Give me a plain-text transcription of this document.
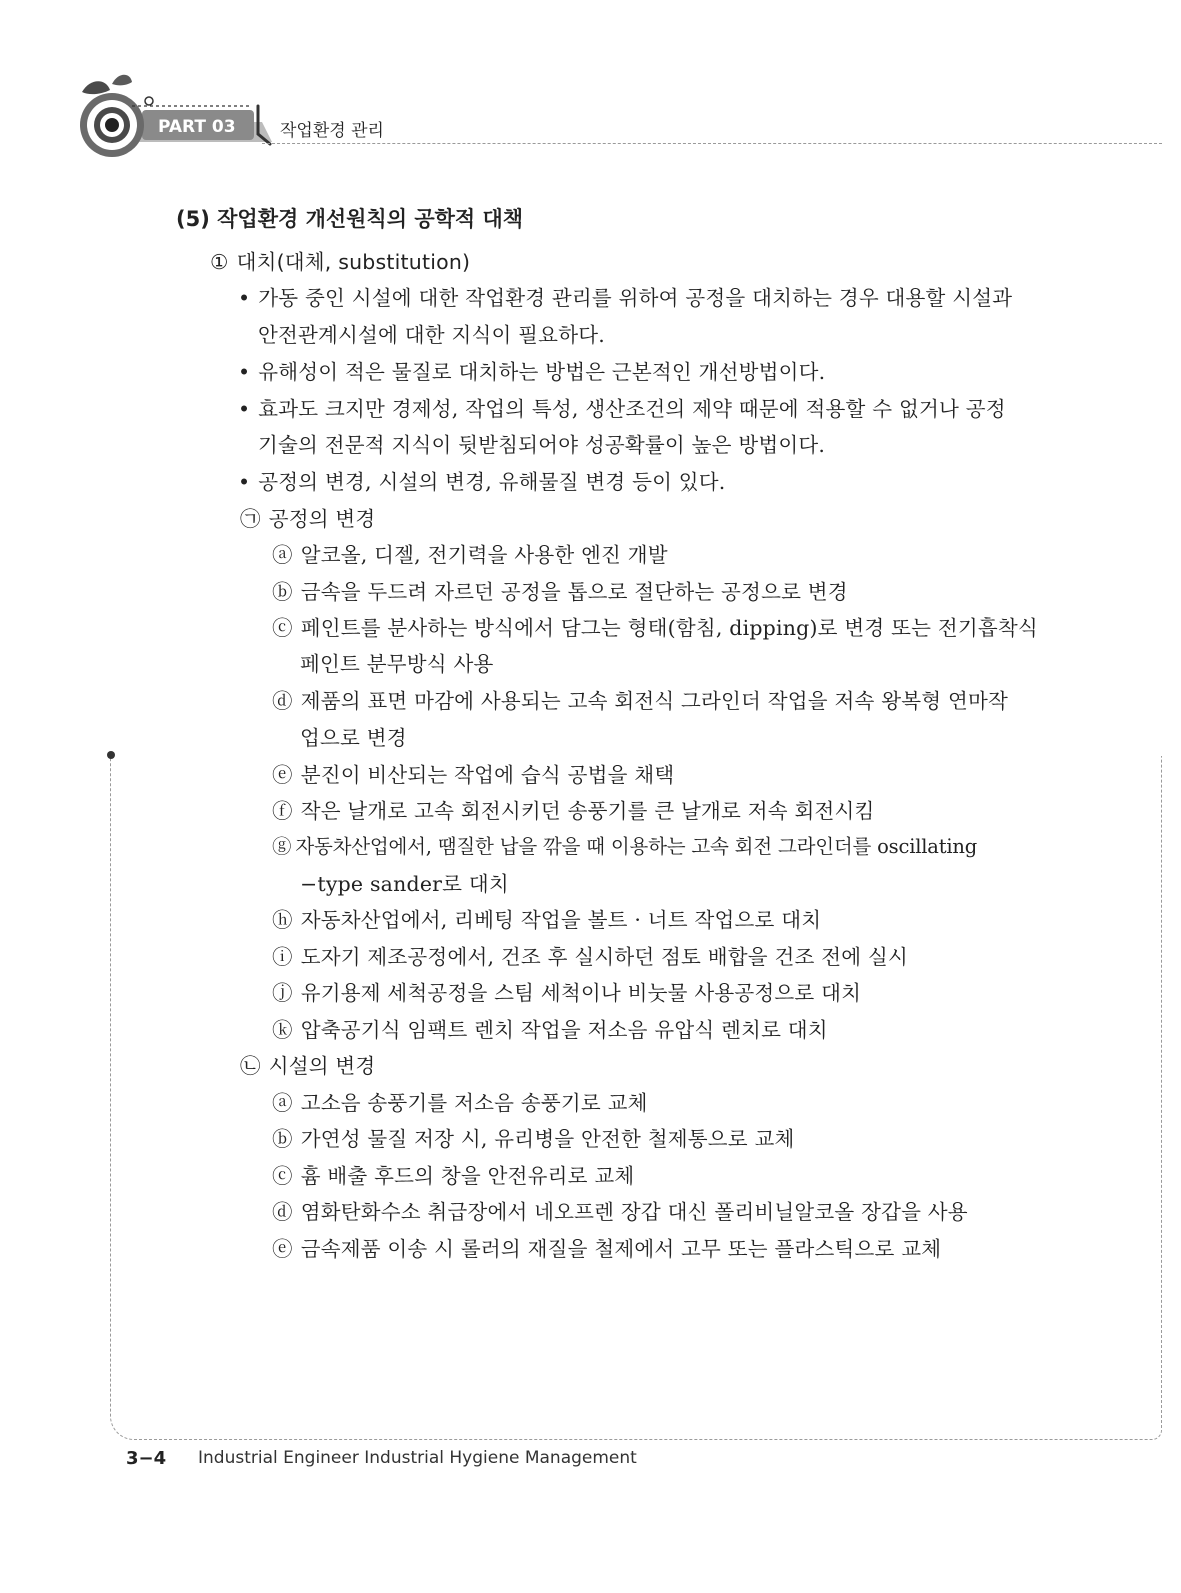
PART 03	작업환경 관리
(5) 작업환경 개선원칙의 공학적 대책
① 대치(대체, substitution)
• 가동 중인 시설에 대한 작업환경 관리를 위하여 공정을 대치하는 경우 대용할 시설과
안전관계시설에 대한 지식이 필요하다.
• 유해성이 적은 물질로 대치하는 방법은 근본적인 개선방법이다.
• 효과도 크지만 경제성, 작업의 특성, 생산조건의 제약 때문에 적용할 수 없거나 공정
기술의 전문적 지식이 뒷받침되어야 성공확률이 높은 방법이다.
• 공정의 변경, 시설의 변경, 유해물질 변경 등이 있다.
㉠ 공정의 변경
ⓐ 알코올, 디젤, 전기력을 사용한 엔진 개발
ⓑ 금속을 두드려 자르던 공정을 톱으로 절단하는 공정으로 변경
ⓒ 페인트를 분사하는 방식에서 담그는 형태(함침, dipping)로 변경 또는 전기흡착식
페인트 분무방식 사용
ⓓ 제품의 표면 마감에 사용되는 고속 회전식 그라인더 작업을 저속 왕복형 연마작
업으로 변경
ⓔ 분진이 비산되는 작업에 습식 공법을 채택
ⓕ 작은 날개로 고속 회전시키던 송풍기를 큰 날개로 저속 회전시킴
ⓖ 자동차산업에서, 땜질한 납을 깎을 때 이용하는 고속 회전 그라인더를 oscillating
−type sander로 대치
ⓗ 자동차산업에서, 리베팅 작업을 볼트 · 너트 작업으로 대치
ⓘ 도자기 제조공정에서, 건조 후 실시하던 점토 배합을 건조 전에 실시
ⓙ 유기용제 세척공정을 스팀 세척이나 비눗물 사용공정으로 대치
ⓚ 압축공기식 임팩트 렌치 작업을 저소음 유압식 렌치로 대치
㉡ 시설의 변경
ⓐ 고소음 송풍기를 저소음 송풍기로 교체
ⓑ 가연성 물질 저장 시, 유리병을 안전한 철제통으로 교체
ⓒ 흄 배출 후드의 창을 안전유리로 교체
ⓓ 염화탄화수소 취급장에서 네오프렌 장갑 대신 폴리비닐알코올 장갑을 사용
ⓔ 금속제품 이송 시 롤러의 재질을 철제에서 고무 또는 플라스틱으로 교체
3−4 Industrial Engineer Industrial Hygiene Management
